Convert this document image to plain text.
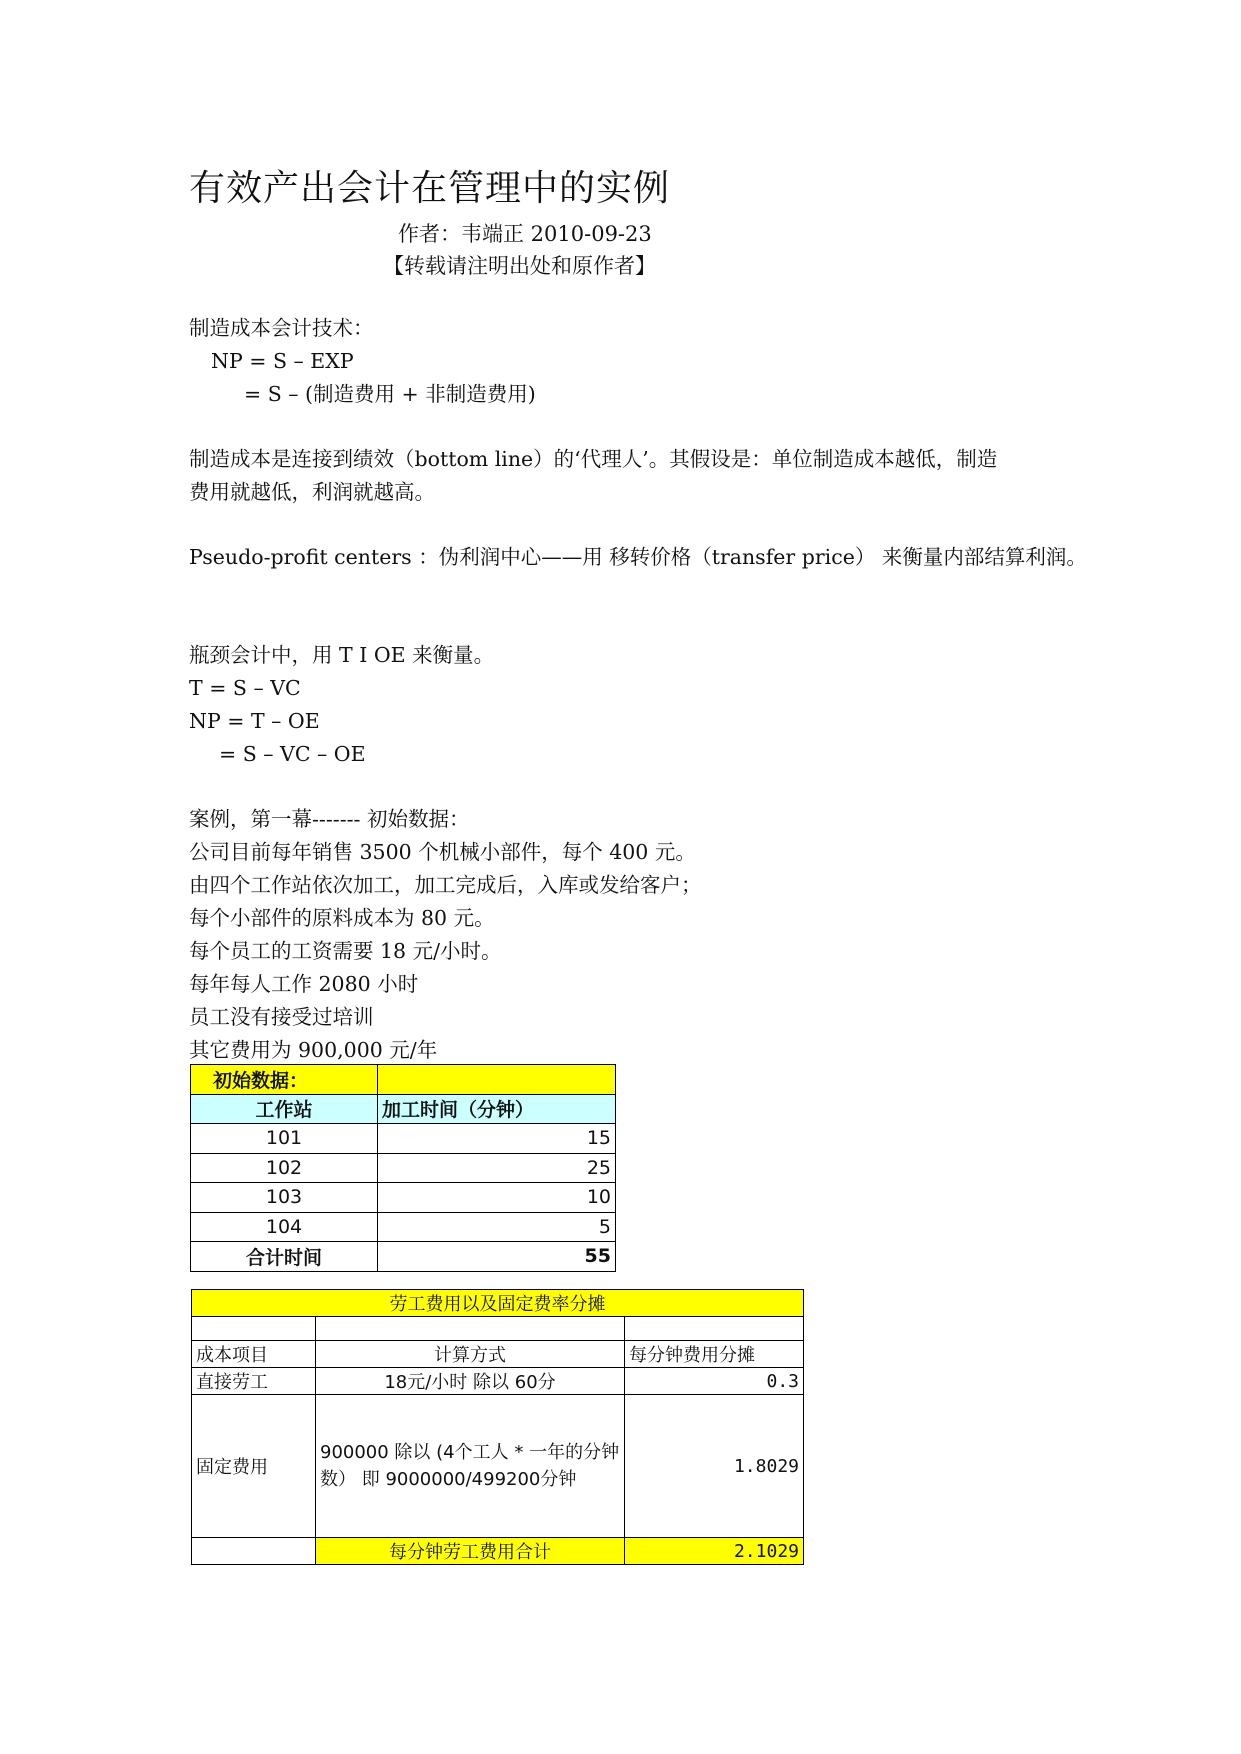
有效产出会计在管理中的实例
作者：韦端正 2010-09-23
【转载请注明出处和原作者】
制造成本会计技术：
NP = S – EXP
= S – (制造费用 + 非制造费用)
制造成本是连接到绩效（bottom line）的‘代理人’。其假设是：单位制造成本越低，制造
费用就越低，利润就越高。
Pseudo-profit centers ：伪利润中心——用 移转价格（transfer price） 来衡量内部结算利润。
瓶颈会计中，用 T I OE 来衡量。
T = S – VC
NP = T – OE
= S – VC – OE
案例，第一幕------- 初始数据：
公司目前每年销售 3500 个机械小部件，每个 400 元。
由四个工作站依次加工，加工完成后，入库或发给客户；
每个小部件的原料成本为 80 元。
每个员工的工资需要 18 元/小时。
每年每人工作 2080 小时
员工没有接受过培训
其它费用为 900,000 元/年
初始数据：	
工作站	加工时间（分钟）
101	15
102	25
103	10
104	5
合计时间	55
劳工费用以及固定费率分摊		

成本项目	计算方式	每分钟费用分摊
直接劳工	18元/小时 除以 60分	0.3
固定费用	900000 除以 (4个工人 * 一年的分钟数） 即 9000000/499200分钟	1.8029
	每分钟劳工费用合计	2.1029
